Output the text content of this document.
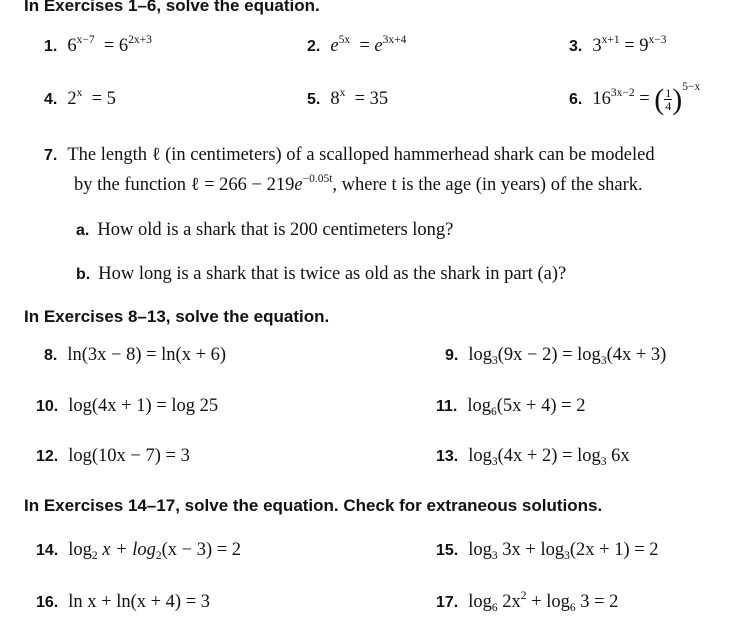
In Exercises 1–6, solve the equation.
1. $6^{x-7} = 6^{2x+3}$	2. $e^{5x} = e^{3x+4}$	3. $3^{x+1} = 9^{x-3}$
4. $2^x = 5$	5. $8^x = 35$	6. $16^{3x-2}$ = ( $\frac{1}{4} )^{5-x}$
7. The length ℓ (in centimeters) of a scalloped hammerhead shark can be modeled
by the function ℓ = $266 - 219e^{-0.05t}$, where t is the age (in years) of the shark.
a. How old is a shark that is 200 centimeters long?
b. How long is a shark that is twice as old as the shark in part (a)?
In Exercises 8–13, solve the equation.
8. ln(3x − 8) = ln(x + 6)	9. $\log_3(9x - 2) = \log_3(4x + 3)$
10. log(4x + 1) = log 25	11. $\log_6(5x + 4) = 2$
12. log(10x − 7) = 3	13. $\log_3(4x + 2) = \log_3 6x$
In Exercises 14–17, solve the equation. Check for extraneous solutions.
14. $\log_2 x + \log_2(x - 3) = 2$	15. $\log_3 3x + \log_3(2x + 1) = 2$
16. ln x + ln(x + 4) = 3	17. $\log_6 2x^2 + \log_6 3 = 2$
